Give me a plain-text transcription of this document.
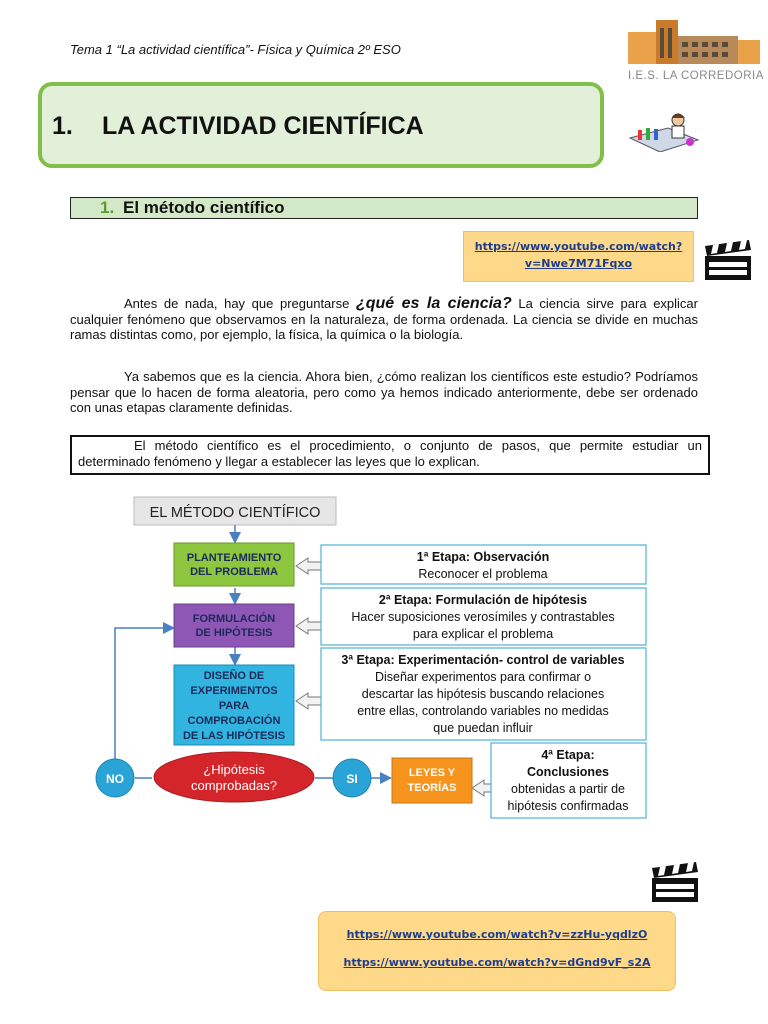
Tema 1 “La actividad científica”- Física y Química 2º ESO
I.E.S. LA CORREDORIA
1. LA ACTIVIDAD CIENTÍFICA
1. El método científico
https://www.youtube.com/watch?
v=Nwe7M71Fqxo
Antes de nada, hay que preguntarse ¿qué es la ciencia? La ciencia sirve para explicar cualquier fenómeno que observamos en la naturaleza, de forma ordenada. La ciencia se divide en muchas ramas distintas como, por ejemplo, la física, la química o la biología.
Ya sabemos que es la ciencia. Ahora bien, ¿cómo realizan los científicos este estudio? Podríamos pensar que lo hacen de forma aleatoria, pero como ya hemos indicado anteriormente, debe ser ordenado con unas etapas claramente definidas.
El método científico es el procedimiento, o conjunto de pasos, que permite estudiar un determinado fenómeno y llegar a establecer las leyes que lo explican.
EL MÉTODO CIENTÍFICO
PLANTEAMIENTO
DEL PROBLEMA
FORMULACIÓN
DE HIPÓTESIS
DISEÑO DE
EXPERIMENTOS
PARA
COMPROBACIÓN
DE LAS HIPÓTESIS
1ª Etapa: Observación
Reconocer el problema
2ª Etapa: Formulación de hipótesis
Hacer suposiciones verosímiles y contrastables
para explicar el problema
3ª Etapa: Experimentación- control de variables
Diseñar experimentos para confirmar o
descartar las hipótesis buscando relaciones
entre ellas, controlando variables no medidas
que puedan influir
4ª Etapa:
Conclusiones
obtenidas a partir de
hipótesis confirmadas
NO
¿Hipótesis
comprobadas?	SI	LEYES Y
TEORÍAS
https://www.youtube.com/watch?v=zzHu-yqdlzO
https://www.youtube.com/watch?v=dGnd9vF_s2A
